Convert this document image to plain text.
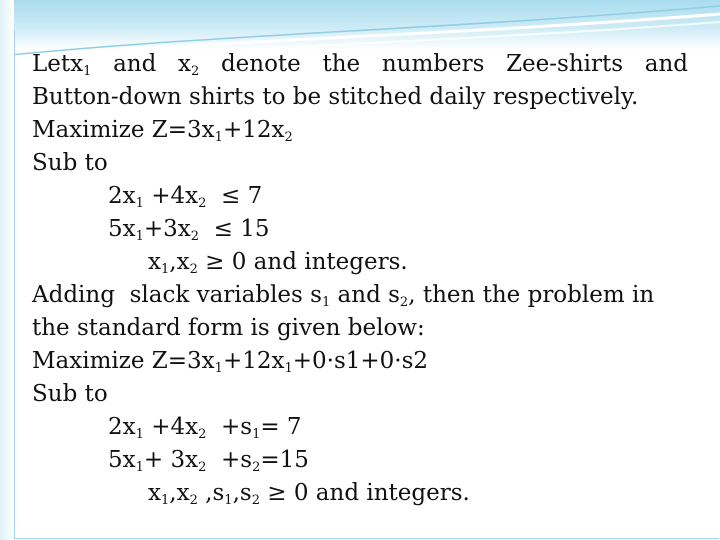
Letx$_1$ and $x_2$ denote the numbers Zee-shirts and
Button-down shirts to be stitched daily respectively.
Maximize $Z=3x_1+12x_2$
Sub to
$2x_1 +4x_2 \le 7$
$5x_1+3x_2 \le 15$
$x_1,x_2 \ge 0$ and integers.
Adding  slack variables $s_1$ and $s_2$, then the problem in
the standard form is given below:
Maximize $Z=3x_1+12x_1+0\cdot s1+0\cdot s2$
Sub to
$2x_1 +4x_2 +s_1= 7$
$5x_1+ 3x_2 +s_2=15$
$x_1,x_2$ $,s_1,s_2 \ge 0$ and integers.
